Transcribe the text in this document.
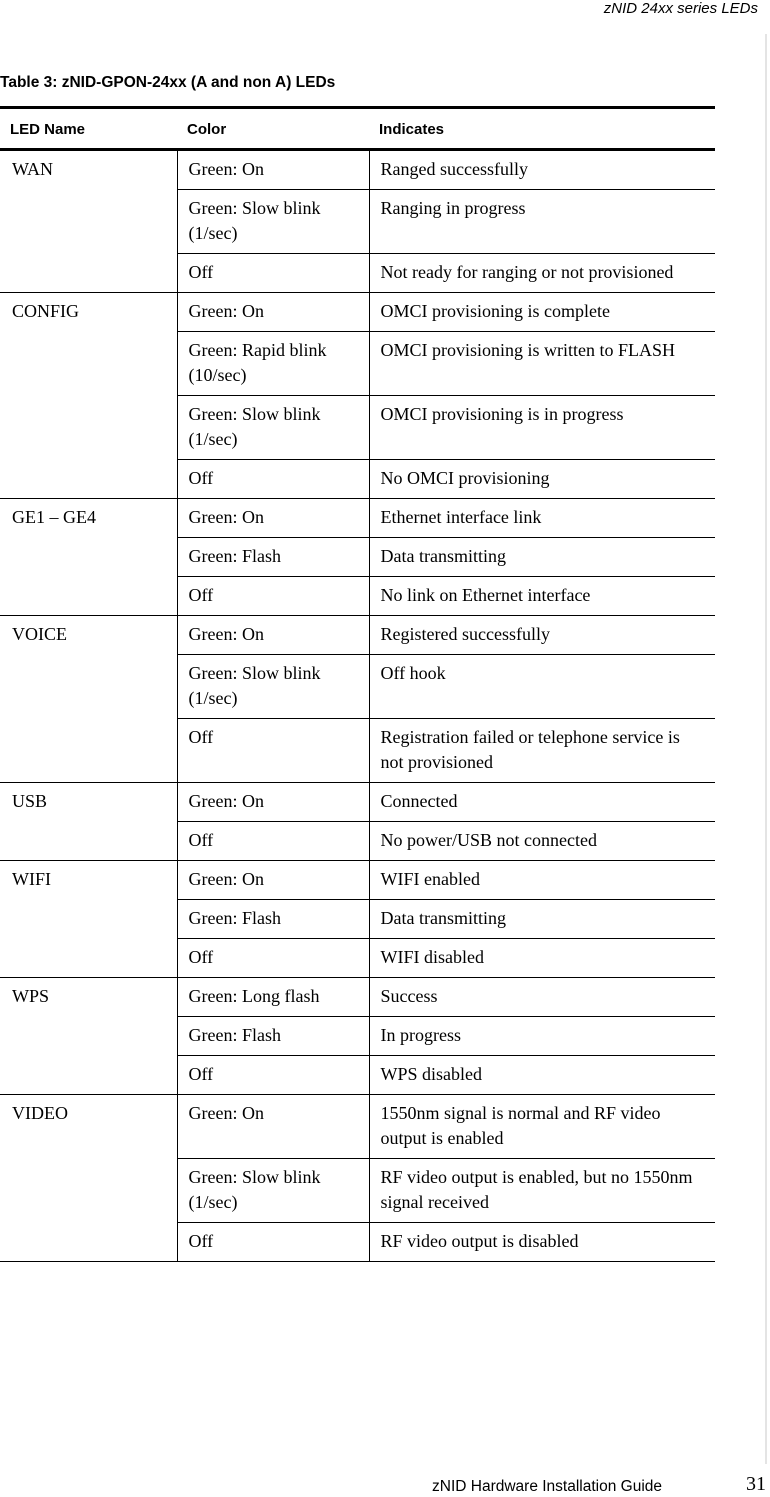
zNID 24xx series LEDs
Table 3: zNID-GPON-24xx (A and non A) LEDs
LED Name	Color	Indicates
WAN	Green: On	Ranged successfully
	Green: Slow blink (1/sec)	Ranging in progress
	Off	Not ready for ranging or not provisioned
CONFIG	Green: On	OMCI provisioning is complete
	Green: Rapid blink (10/sec)	OMCI provisioning is written to FLASH
	Green: Slow blink (1/sec)	OMCI provisioning is in progress
	Off	No OMCI provisioning
GE1 – GE4	Green: On	Ethernet interface link
	Green: Flash	Data transmitting
	Off	No link on Ethernet interface
VOICE	Green: On	Registered successfully
	Green: Slow blink (1/sec)	Off hook
	Off	Registration failed or telephone service is not provisioned
USB	Green: On	Connected
	Off	No power/USB not connected
WIFI	Green: On	WIFI enabled
	Green: Flash	Data transmitting
	Off	WIFI disabled
WPS	Green: Long flash	Success
	Green: Flash	In progress
	Off	WPS disabled
VIDEO	Green: On	1550nm signal is normal and RF video output is enabled
	Green: Slow blink (1/sec)	RF video output is enabled, but no 1550nm signal received
	Off	RF video output is disabled
zNID Hardware Installation Guide	31
